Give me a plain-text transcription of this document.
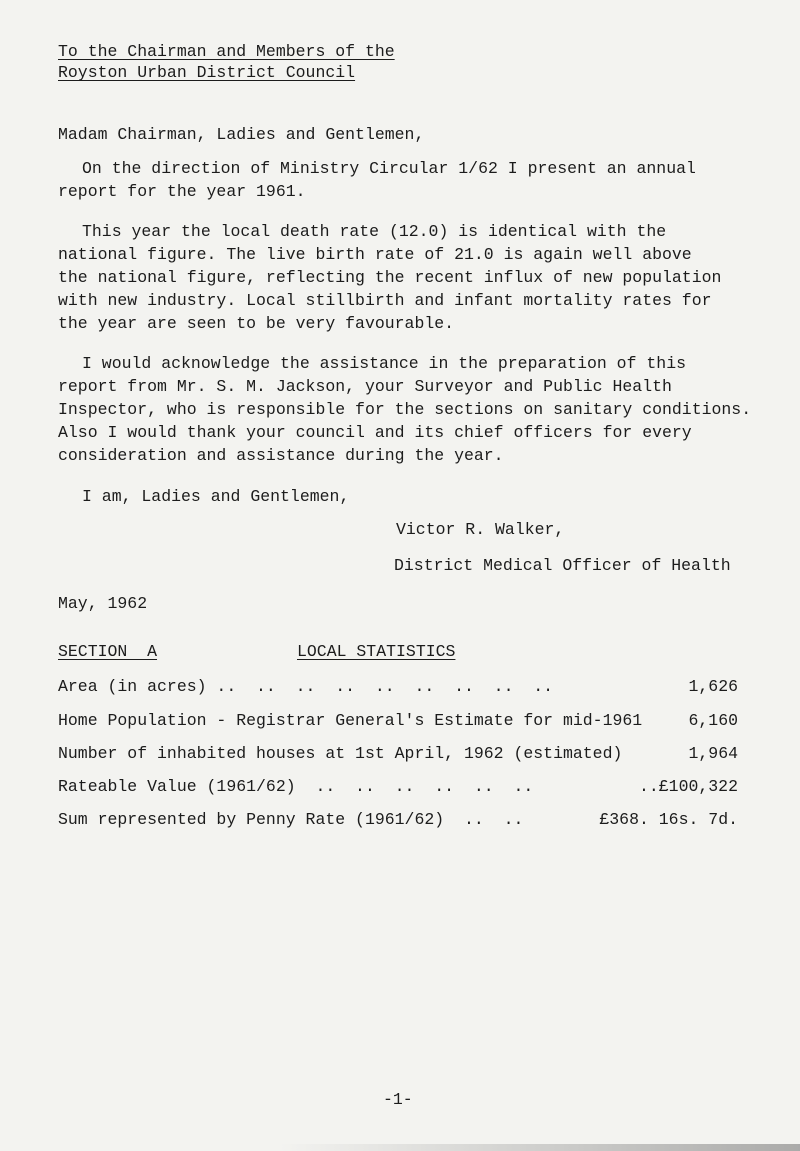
To the Chairman and Members of the
Royston Urban District Council
Madam Chairman, Ladies and Gentlemen,
On the direction of Ministry Circular 1/62 I present an annual
report for the year 1961.
This year the local death rate (12.0) is identical with the
national figure. The live birth rate of 21.0 is again well above
the national figure, reflecting the recent influx of new population
with new industry. Local stillbirth and infant mortality rates for
the year are seen to be very favourable.
I would acknowledge the assistance in the preparation of this
report from Mr. S. M. Jackson, your Surveyor and Public Health
Inspector, who is responsible for the sections on sanitary conditions.
Also I would thank your council and its chief officers for every
consideration and assistance during the year.
I am, Ladies and Gentlemen,
Victor R. Walker,
District Medical Officer of Health
May, 1962
SECTION  A	LOCAL STATISTICS
Area (in acres) ..  ..  ..  ..  ..  ..  ..  ..  ..	1,626
Home Population - Registrar General's Estimate for mid-1961	6,160
Number of inhabited houses at 1st April, 1962 (estimated)	1,964
Rateable Value (1961/62)  ..  ..  ..  ..  ..  ..	..£100,322
Sum represented by Penny Rate (1961/62)  ..  ..	£368. 16s. 7d.
-1-
